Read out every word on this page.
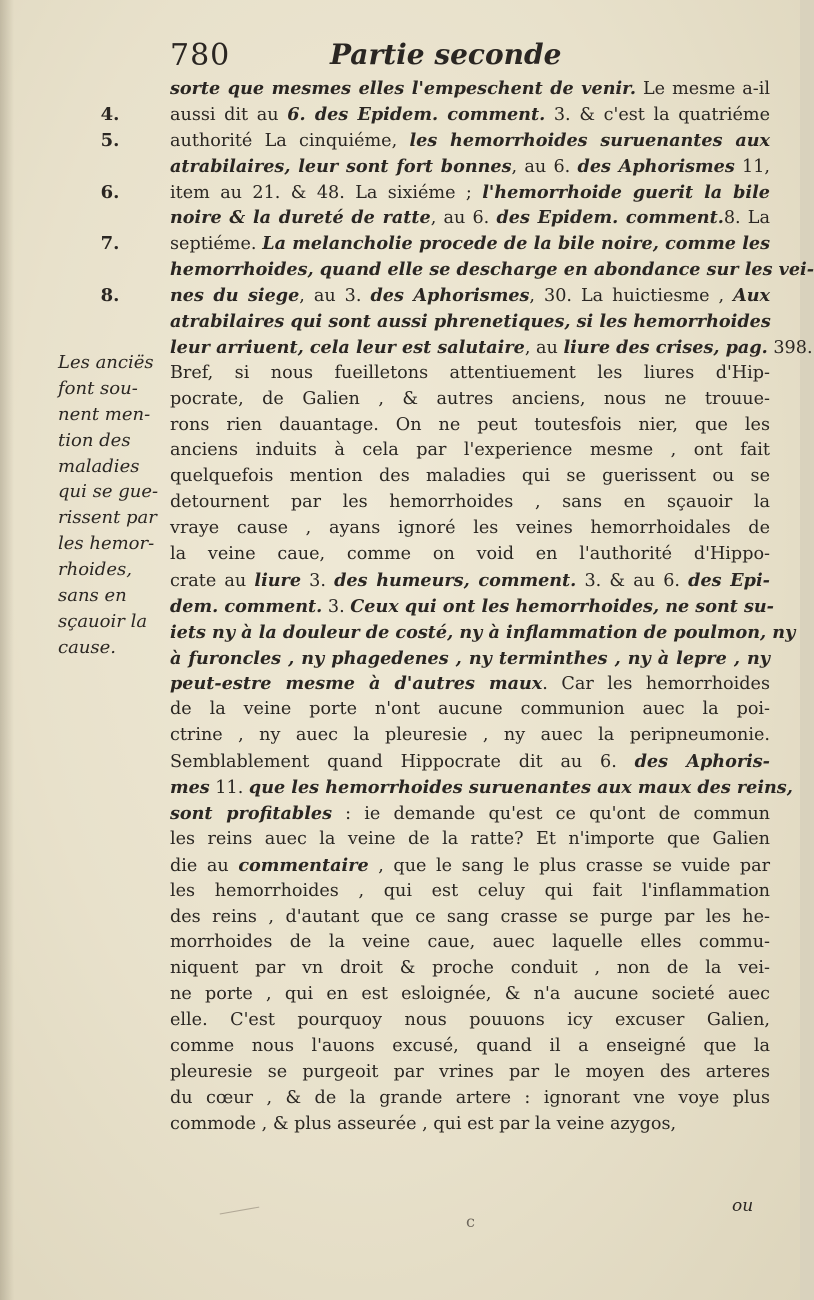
780	Partie seconde
4.
5.
6.
7.
8.
Les anciës
font sou-
nent men-
tion des
maladies
qui se gue-
rissent par
les hemor-
rhoides,
sans en
sçauoir la
cause.
sorte que mesmes elles l'empeschent de venir. Le mesme a-il
aussi dit au 6. des Epidem. comment. 3. & c'est la quatriéme
authorité La cinquiéme, les hemorrhoides suruenantes aux
atrabilaires, leur sont fort bonnes, au 6. des Aphorismes 11,
item au 21. & 48. La sixiéme ; l'hemorrhoide guerit la bile
noire & la dureté de ratte, au 6. des Epidem. comment.8. La
septiéme. La melancholie procede de la bile noire, comme les
hemorrhoides, quand elle se descharge en abondance sur les vei-
nes du siege, au 3. des Aphorismes, 30. La huictiesme , Aux
atrabilaires qui sont aussi phrenetiques, si les hemorrhoides
leur arriuent, cela leur est salutaire, au liure des crises, pag. 398.
Bref, si nous fueilletons attentiuement les liures d'Hip-
pocrate, de Galien , & autres anciens, nous ne trouue-
rons rien dauantage. On ne peut toutesfois nier, que les
anciens induits à cela par l'experience mesme , ont fait
quelquefois mention des maladies qui se guerissent ou se
detournent par les hemorrhoides , sans en sçauoir la
vraye cause , ayans ignoré les veines hemorrhoidales de
la veine caue, comme on void en l'authorité d'Hippo-
crate au liure 3. des humeurs, comment. 3. & au 6. des Epi-
dem. comment. 3. Ceux qui ont les hemorrhoides, ne sont su-
iets ny à la douleur de costé, ny à inflammation de poulmon, ny
à furoncles , ny phagedenes , ny terminthes , ny à lepre , ny
peut-estre mesme à d'autres maux. Car les hemorrhoides
de la veine porte n'ont aucune communion auec la poi-
ctrine , ny auec la pleuresie , ny auec la peripneumonie.
Semblablement quand Hippocrate dit au 6. des Aphoris-
mes 11. que les hemorrhoides suruenantes aux maux des reins,
sont profitables : ie demande qu'est ce qu'ont de commun
les reins auec la veine de la ratte? Et n'importe que Galien
die au commentaire , que le sang le plus crasse se vuide par
les hemorrhoides , qui est celuy qui fait l'inflammation
des reins , d'autant que ce sang crasse se purge par les he-
morrhoides de la veine caue, auec laquelle elles commu-
niquent par vn droit & proche conduit , non de la vei-
ne porte , qui en est esloignée, & n'a aucune societé auec
elle. C'est pourquoy nous pouuons icy excuser Galien,
comme nous l'auons excusé, quand il a enseigné que la
pleuresie se purgeoit par vrines par le moyen des arteres
du cœur , & de la grande artere : ignorant vne voye plus
commode , & plus asseurée , qui est par la veine azygos,
ou
c
